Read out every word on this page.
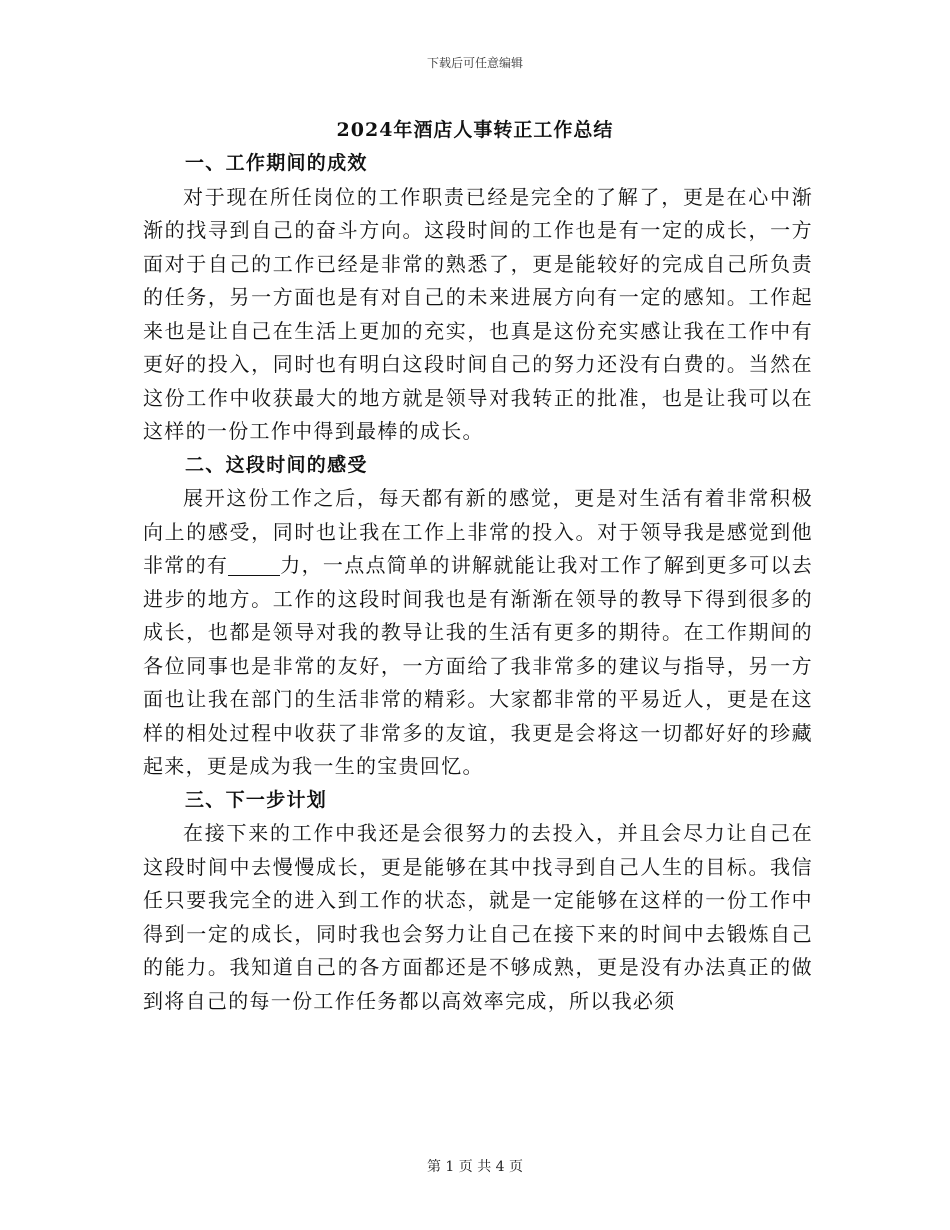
下载后可任意编辑
2024年酒店人事转正工作总结

一、工作期间的成效

对于现在所任岗位的工作职责已经是完全的了解了，更是在心中渐渐的找寻到自己的奋斗方向。这段时间的工作也是有一定的成长，一方面对于自己的工作已经是非常的熟悉了，更是能较好的完成自己所负责的任务，另一方面也是有对自己的未来进展方向有一定的感知。工作起来也是让自己在生活上更加的充实，也真是这份充实感让我在工作中有更好的投入，同时也有明白这段时间自己的努力还没有白费的。当然在这份工作中收获最大的地方就是领导对我转正的批准，也是让我可以在这样的一份工作中得到最棒的成长。

二、这段时间的感受

展开这份工作之后，每天都有新的感觉，更是对生活有着非常积极向上的感受，同时也让我在工作上非常的投入。对于领导我是感觉到他非常的有	力，一点点简单的讲解就能让我对工作了解到更多可以去进步的地方。工作的这段时间我也是有渐渐在领导的教导下得到很多的成长，也都是领导对我的教导让我的生活有更多的期待。在工作期间的各位同事也是非常的友好，一方面给了我非常多的建议与指导，另一方面也让我在部门的生活非常的精彩。大家都非常的平易近人，更是在这样的相处过程中收获了非常多的友谊，我更是会将这一切都好好的珍藏起来，更是成为我一生的宝贵回忆。

三、下一步计划

在接下来的工作中我还是会很努力的去投入，并且会尽力让自己在这段时间中去慢慢成长，更是能够在其中找寻到自己人生的目标。我信任只要我完全的进入到工作的状态，就是一定能够在这样的一份工作中得到一定的成长，同时我也会努力让自己在接下来的时间中去锻炼自己的能力。我知道自己的各方面都还是不够成熟，更是没有办法真正的做到将自己的每一份工作任务都以高效率完成，所以我必须

第 1 页 共 4 页
